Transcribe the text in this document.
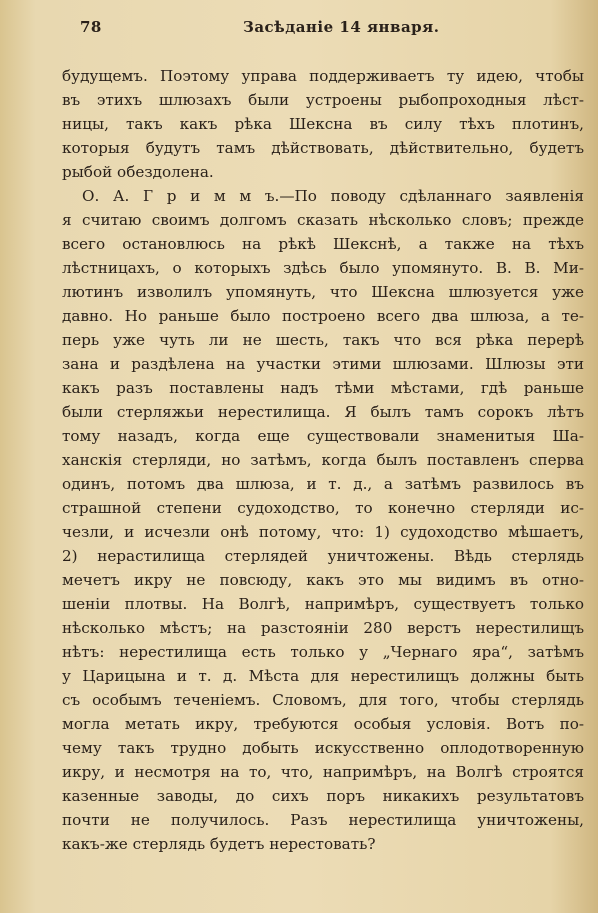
78	Засѣданіе 14 января.
будущемъ. Поэтому управа поддерживаетъ ту идею, чтобы
въ этихъ шлюзахъ были устроены рыбопроходныя лѣст-
ницы, такъ какъ рѣка Шексна въ силу тѣхъ плотинъ,
которыя будутъ тамъ дѣйствовать, дѣйствительно, будетъ
рыбой обездолена.
О. А. Г р и м м ъ.—По поводу сдѣланнаго заявленія
я считаю своимъ долгомъ сказать нѣсколько словъ; прежде
всего остановлюсь на рѣкѣ Шекснѣ, а также на тѣхъ
лѣстницахъ, о которыхъ здѣсь было упомянуто. В. В. Ми-
лютинъ изволилъ упомянуть, что Шексна шлюзуется уже
давно. Но раньше было построено всего два шлюза, а те-
перь уже чуть ли не шесть, такъ что вся рѣка перерѣ
зана и раздѣлена на участки этими шлюзами. Шлюзы эти
какъ разъ поставлены надъ тѣми мѣстами, гдѣ раньше
были стерляжьи нерестилища. Я былъ тамъ сорокъ лѣтъ
тому назадъ, когда еще существовали знаменитыя Ша-
ханскія стерляди, но затѣмъ, когда былъ поставленъ сперва
одинъ, потомъ два шлюза, и т. д., а затѣмъ развилось въ
страшной степени судоходство, то конечно стерляди ис-
чезли, и исчезли онѣ потому, что: 1) судоходство мѣшаетъ,
2) нерастилища стерлядей уничтожены. Вѣдь стерлядь
мечетъ икру не повсюду, какъ это мы видимъ въ отно-
шеніи плотвы. На Волгѣ, напримѣръ, существуетъ только
нѣсколько мѣстъ; на разстояніи 280 верстъ нерестилищъ
нѣтъ: нерестилища есть только у „Чернаго яра“, затѣмъ
у Царицына и т. д. Мѣста для нерестилищъ должны быть
съ особымъ теченіемъ. Словомъ, для того, чтобы стерлядь
могла метать икру, требуются особыя условія. Вотъ по-
чему такъ трудно добыть искусственно оплодотворенную
икру, и несмотря на то, что, напримѣръ, на Волгѣ строятся
казенные заводы, до сихъ поръ никакихъ результатовъ
почти не получилось. Разъ нерестилища уничтожены,
какъ-же стерлядь будетъ нерестовать?
